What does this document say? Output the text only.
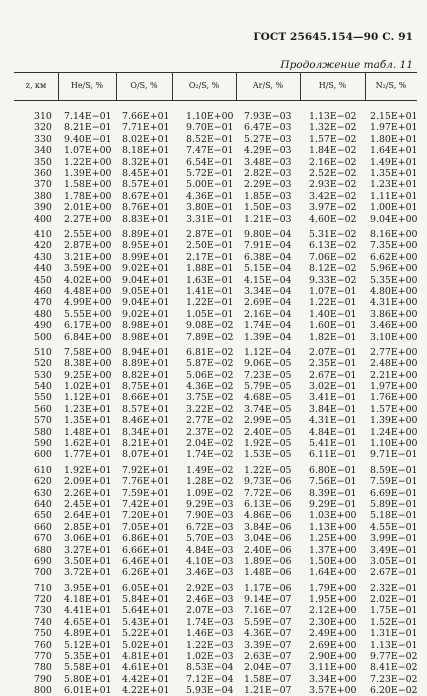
ГОСТ 25645.154—90 С. 91
Продолжение табл. 11
z, км	He/S, %	O/S, %	O₂/S, %	Ar/S, %	H/S, %	N₂/S, %
310 7.14E−01 7.66E+01 1.10E+00 7.93E−03 1.13E−02 2.15E+01
320 8.21E−01 7.71E+01 9.70E−01 6.47E−03 1.32E−02 1.97E+01
330 9.40E−01 8.02E+01 8.52E−01 5.27E−03 1.57E−02 1.80E+01
340 1.07E+00 8.18E+01 7.47E−01 4.29E−03 1.84E−02 1.64E+01
350 1.22E+00 8.32E+01 6.54E−01 3.48E−03 2.16E−02 1.49E+01
360 1.39E+00 8.45E+01 5.72E−01 2.82E−03 2.52E−02 1.35E+01
370 1.58E+00 8.57E+01 5.00E−01 2.29E−03 2.93E−02 1.23E+01
380 1.78E+00 8.67E+01 4.36E−01 1.85E−03 3.42E−02 1.11E+01
390 2.01E+00 8.76E+01 3.80E−01 1.50E−03 3.97E−02 1.00E+01
400 2.27E+00 8.83E+01 3.31E−01 1.21E−03 4.60E−02 9.04E+00
410 2.55E+00 8.89E+01 2.87E−01 9.80E−04 5.31E−02 8.16E+00
420 2.87E+00 8.95E+01 2.50E−01 7.91E−04 6.13E−02 7.35E+00
430 3.21E+00 8.99E+01 2.17E−01 6.38E−04 7.06E−02 6.62E+00
440 3.59E+00 9.02E+01 1.88E−01 5.15E−04 8.12E−02 5.96E+00
450 4.02E+00 9.04E+01 1.63E−01 4.15E−04 9.33E−02 5.35E+00
460 4.48E+00 9.05E+01 1.41E−01 3.34E−04 1.07E−01 4.80E+00
470 4.99E+00 9.04E+01 1.22E−01 2.69E−04 1.22E−01 4.31E+00
480 5.55E+00 9.02E+01 1.05E−01 2.16E−04 1.40E−01 3.86E+00
490 6.17E+00 8.98E+01 9.08E−02 1.74E−04 1.60E−01 3.46E+00
500 6.84E+00 8.98E+01 7.89E−02 1.39E−04 1.82E−01 3.10E+00
510 7.58E+00 8.94E+01 6.81E−02 1.12E−04 2.07E−01 2.77E+00
520 8.38E+00 8.89E+01 5.87E−02 9.06E−05 2.35E−01 2.48E+00
530 9.25E+00 8.82E+01 5.06E−02 7.23E−05 2.67E−01 2.21E+00
540 1.02E+01 8.75E+01 4.36E−02 5.79E−05 3.02E−01 1.97E+00
550 1.12E+01 8.66E+01 3.75E−02 4.68E−05 3.41E−01 1.76E+00
560 1.23E+01 8.57E+01 3.22E−02 3.74E−05 3.84E−01 1.57E+00
570 1.35E+01 8.46E+01 2.77E−02 2.99E−05 4.31E−01 1.39E+00
580 1.48E+01 8.34E+01 2.37E−02 2.40E−05 4.84E−01 1.24E+00
590 1.62E+01 8.21E+01 2.04E−02 1.92E−05 5.41E−01 1.10E+00
600 1.77E+01 8.07E+01 1.74E−02 1.53E−05 6.11E−01 9.71E−01
610 1.92E+01 7.92E+01 1.49E−02 1.22E−05 6.80E−01 8.59E−01
620 2.09E+01 7.76E+01 1.28E−02 9.73E−06 7.56E−01 7.59E−01
630 2.26E+01 7.59E+01 1.09E−02 7.72E−06 8.39E−01 6.69E−01
640 2.45E+01 7.42E+01 9.29E−03 6.13E−06 9.29E−01 5.89E−01
650 2.64E+01 7.20E+01 7.90E−03 4.86E−06 1.03E+00 5.18E−01
660 2.85E+01 7.05E+01 6.72E−03 3.84E−06 1.13E+00 4.55E−01
670 3.06E+01 6.86E+01 5.70E−03 3.04E−06 1.25E+00 3.99E−01
680 3.27E+01 6.66E+01 4.84E−03 2.40E−06 1.37E+00 3.49E−01
690 3.50E+01 6.46E+01 4.10E−03 1.89E−06 1.50E+00 3.05E−01
700 3.72E+01 6.26E+01 3.46E−03 1.48E−06 1.64E+00 2.67E−01
710 3.95E+01 6.05E+01 2.92E−03 1.17E−06 1.79E+00 2.32E−01
720 4.18E+01 5.84E+01 2.46E−03 9.14E−07 1.95E+00 2.02E−01
730 4.41E+01 5.64E+01 2.07E−03 7.16E−07 2.12E+00 1.75E−01
740 4.65E+01 5.43E+01 1.74E−03 5.59E−07 2.30E+00 1.52E−01
750 4.89E+01 5.22E+01 1.46E−03 4.36E−07 2.49E+00 1.31E−01
760 5.12E+01 5.02E+01 1.22E−03 3.39E−07 2.69E+00 1.13E−01
770 5.35E+01 4.81E+01 1.02E−03 2.63E−07 2.90E+00 9.77E−02
780 5.58E+01 4.61E+01 8.53E−04 2.04E−07 3.11E+00 8.41E−02
790 5.80E+01 4.42E+01 7.12E−04 1.58E−07 3.34E+00 7.23E−02
800 6.01E+01 4.22E+01 5.93E−04 1.21E−07 3.57E+00 6.20E−02
